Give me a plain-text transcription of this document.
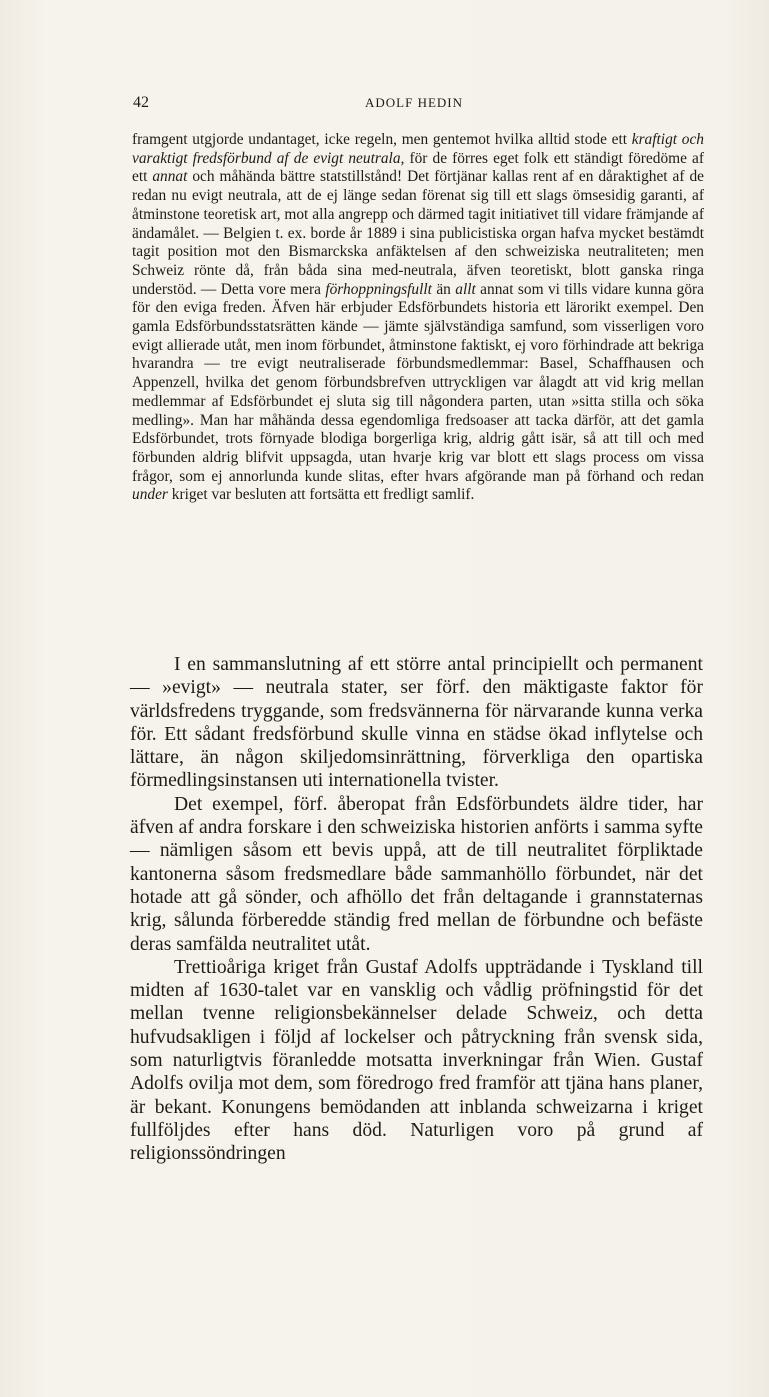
42	ADOLF HEDIN

framgent utgjorde undantaget, icke regeln, men gentemot hvilka alltid stode ett kraftigt och varaktigt fredsförbund af de evigt neutrala, för de förres eget folk ett ständigt föredöme af ett annat och måhända bättre statstillstånd! Det förtjänar kallas rent af en dåraktighet af de redan nu evigt neutrala, att de ej länge sedan förenat sig till ett slags ömsesidig garanti, af åtminstone teoretisk art, mot alla angrepp och därmed tagit initiativet till vidare främjande af ändamålet. — Belgien t. ex. borde år 1889 i sina publicistiska organ hafva mycket bestämdt tagit position mot den Bismarckska anfäktelsen af den schweiziska neutraliteten; men Schweiz rönte då, från båda sina med-neutrala, äfven teoretiskt, blott ganska ringa understöd. — Detta vore mera förhoppningsfullt än allt annat som vi tills vidare kunna göra för den eviga freden. Äfven här erbjuder Edsförbundets historia ett lärorikt exempel. Den gamla Edsförbundsstatsrätten kände — jämte självständiga samfund, som visserligen voro evigt allierade utåt, men inom förbundet, åtminstone faktiskt, ej voro förhindrade att bekriga hvarandra — tre evigt neutraliserade förbundsmedlemmar: Basel, Schaffhausen och Appenzell, hvilka det genom förbundsbrefven uttryckligen var ålagdt att vid krig mellan medlemmar af Edsförbundet ej sluta sig till någondera parten, utan »sitta stilla och söka medling». Man har måhända dessa egendomliga fredsoaser att tacka därför, att det gamla Edsförbundet, trots förnyade blodiga borgerliga krig, aldrig gått isär, så att till och med förbunden aldrig blifvit uppsagda, utan hvarje krig var blott ett slags process om vissa frågor, som ej annorlunda kunde slitas, efter hvars afgörande man på förhand och redan under kriget var besluten att fortsätta ett fredligt samlif.

I en sammanslutning af ett större antal principiellt och permanent — »evigt» — neutrala stater, ser förf. den mäktigaste faktor för världsfredens tryggande, som fredsvännerna för närvarande kunna verka för. Ett sådant fredsförbund skulle vinna en städse ökad inflytelse och lättare, än någon skiljedomsinrättning, förverkliga den opartiska förmedlingsinstansen uti internationella tvister.

Det exempel, förf. åberopat från Edsförbundets äldre tider, har äfven af andra forskare i den schweiziska historien anförts i samma syfte — nämligen såsom ett bevis uppå, att de till neutralitet förpliktade kantonerna såsom fredsmedlare både sammanhöllo förbundet, när det hotade att gå sönder, och afhöllo det från deltagande i grannstaternas krig, sålunda förberedde ständig fred mellan de förbundne och befäste deras samfälda neutralitet utåt.

Trettioåriga kriget från Gustaf Adolfs uppträdande i Tyskland till midten af 1630-talet var en vansklig och vådlig pröfningstid för det mellan tvenne religionsbekännelser delade Schweiz, och detta hufvudsakligen i följd af lockelser och påtryckning från svensk sida, som naturligtvis föranledde motsatta inverkningar från Wien. Gustaf Adolfs ovilja mot dem, som föredrogo fred framför att tjäna hans planer, är bekant. Konungens bemödanden att inblanda schweizarna i kriget fullföljdes efter hans död. Naturligen voro på grund af religionssöndringen
